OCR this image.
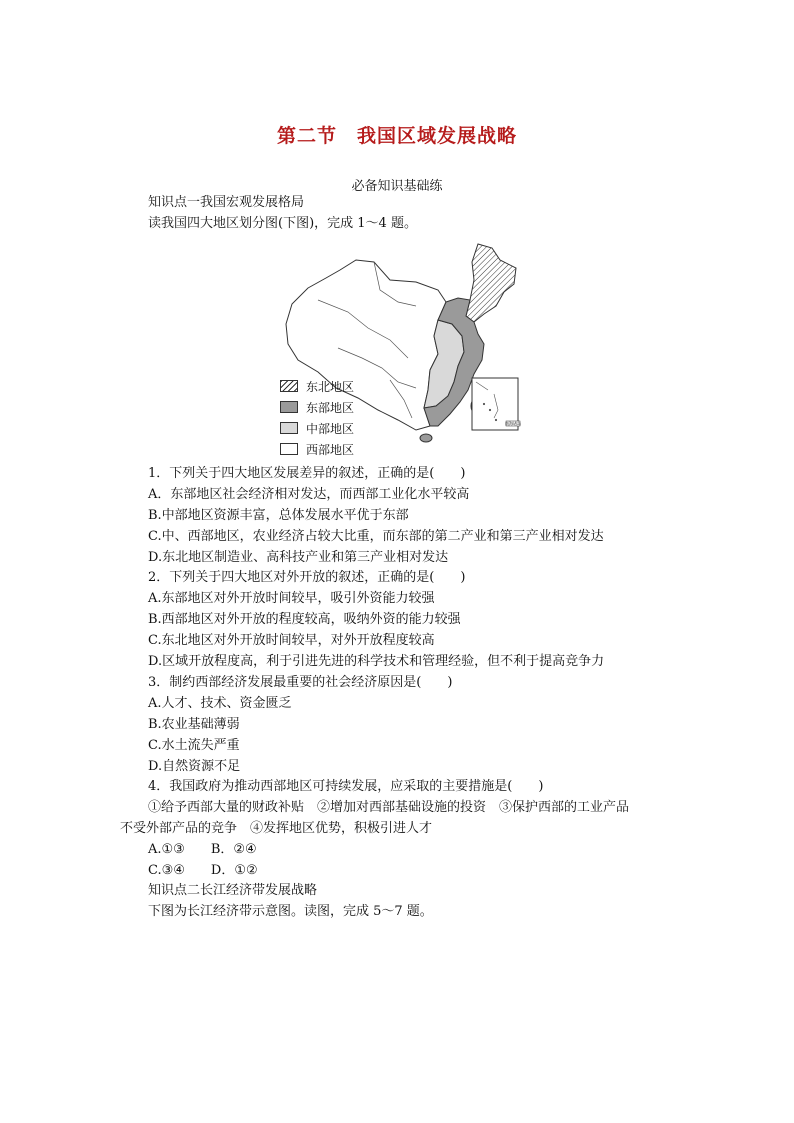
第二节　我国区域发展战略

必备知识基础练

知识点一我国宏观发展格局

读我国四大地区划分图(下图)，完成 1～4 题。

南海诸岛
东北地区
东部地区
中部地区
西部地区

1．下列关于四大地区发展差异的叙述，正确的是(　　)

A．东部地区社会经济相对发达，而西部工业化水平较高

B.中部地区资源丰富，总体发展水平优于东部

C.中、西部地区，农业经济占较大比重，而东部的第二产业和第三产业相对发达

D.东北地区制造业、高科技产业和第三产业相对发达

2．下列关于四大地区对外开放的叙述，正确的是(　　)

A.东部地区对外开放时间较早，吸引外资能力较强

B.西部地区对外开放的程度较高，吸纳外资的能力较强

C.东北地区对外开放时间较早，对外开放程度较高

D.区域开放程度高，利于引进先进的科学技术和管理经验，但不利于提高竞争力

3．制约西部经济发展最重要的社会经济原因是(　　)

A.人才、技术、资金匮乏

B.农业基础薄弱

C.水土流失严重

D.自然资源不足

4．我国政府为推动西部地区可持续发展，应采取的主要措施是(　　)

①给予西部大量的财政补贴　②增加对西部基础设施的投资　③保护西部的工业产品

不受外部产品的竞争　④发挥地区优势，积极引进人才

A.①③　　B．②④

C.③④　　D．①②

知识点二长江经济带发展战略

下图为长江经济带示意图。读图，完成 5～7 题。
